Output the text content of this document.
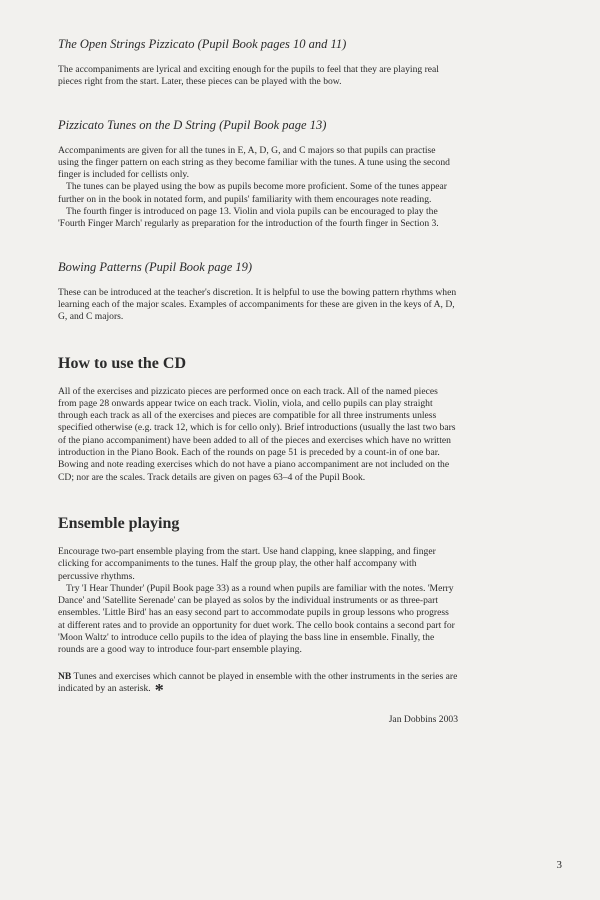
The Open Strings Pizzicato (Pupil Book pages 10 and 11)

The accompaniments are lyrical and exciting enough for the pupils to feel that they are playing real pieces right from the start. Later, these pieces can be played with the bow.

Pizzicato Tunes on the D String (Pupil Book page 13)

Accompaniments are given for all the tunes in E, A, D, G, and C majors so that pupils can practise using the finger pattern on each string as they become familiar with the tunes. A tune using the second finger is included for cellists only.

The tunes can be played using the bow as pupils become more proficient. Some of the tunes appear further on in the book in notated form, and pupils' familiarity with them encourages note reading.

The fourth finger is introduced on page 13. Violin and viola pupils can be encouraged to play the 'Fourth Finger March' regularly as preparation for the introduction of the fourth finger in Section 3.

Bowing Patterns (Pupil Book page 19)

These can be introduced at the teacher's discretion. It is helpful to use the bowing pattern rhythms when learning each of the major scales. Examples of accompaniments for these are given in the keys of A, D, G, and C majors.

How to use the CD

All of the exercises and pizzicato pieces are performed once on each track. All of the named pieces from page 28 onwards appear twice on each track. Violin, viola, and cello pupils can play straight through each track as all of the exercises and pieces are compatible for all three instruments unless specified otherwise (e.g. track 12, which is for cello only). Brief introductions (usually the last two bars of the piano accompaniment) have been added to all of the pieces and exercises which have no written introduction in the Piano Book. Each of the rounds on page 51 is preceded by a count-in of one bar. Bowing and note reading exercises which do not have a piano accompaniment are not included on the CD; nor are the scales. Track details are given on pages 63–4 of the Pupil Book.

Ensemble playing

Encourage two-part ensemble playing from the start. Use hand clapping, knee slapping, and finger clicking for accompaniments to the tunes. Half the group play, the other half accompany with percussive rhythms.

Try 'I Hear Thunder' (Pupil Book page 33) as a round when pupils are familiar with the notes. 'Merry Dance' and 'Satellite Serenade' can be played as solos by the individual instruments or as three-part ensembles. 'Little Bird' has an easy second part to accommodate pupils in group lessons who progress at different rates and to provide an opportunity for duet work. The cello book contains a second part for 'Moon Waltz' to introduce cello pupils to the idea of playing the bass line in ensemble. Finally, the rounds are a good way to introduce four-part ensemble playing.

NB Tunes and exercises which cannot be played in ensemble with the other instruments in the series are indicated by an asterisk. *

Jan Dobbins 2003

3
